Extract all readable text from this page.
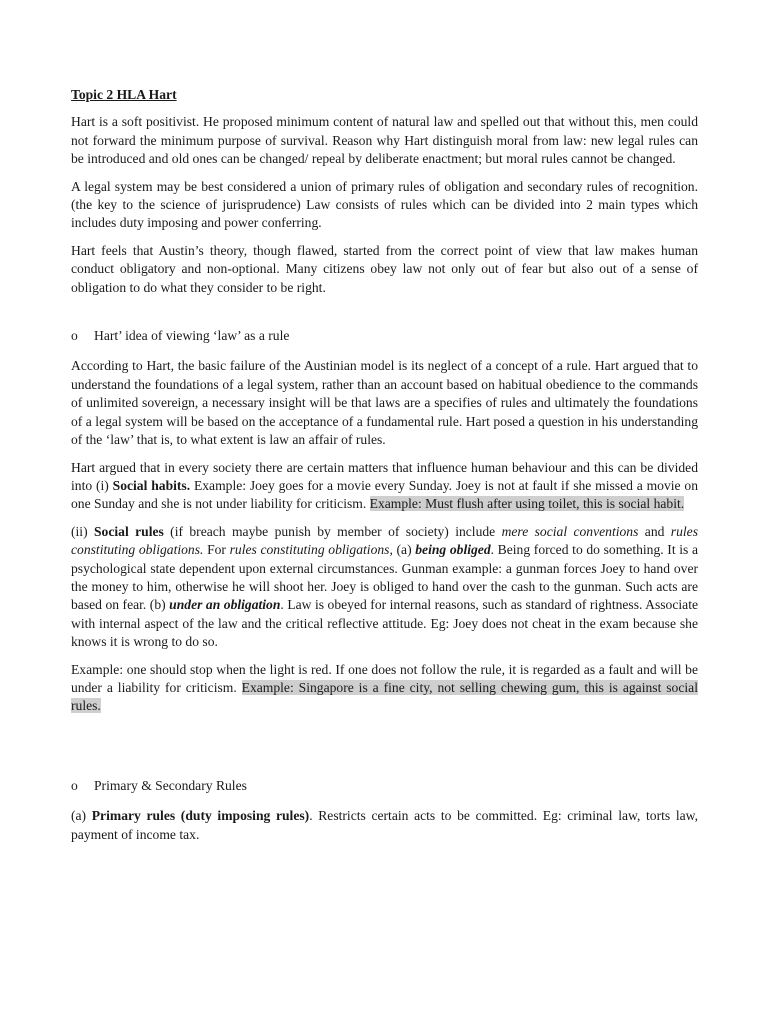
Topic 2 HLA Hart

Hart is a soft positivist. He proposed minimum content of natural law and spelled out that without this, men could not forward the minimum purpose of survival. Reason why Hart distinguish moral from law: new legal rules can be introduced and old ones can be changed/ repeal by deliberate enactment; but moral rules cannot be changed.

A legal system may be best considered a union of primary rules of obligation and secondary rules of recognition. (the key to the science of jurisprudence) Law consists of rules which can be divided into 2 main types which includes duty imposing and power conferring.

Hart feels that Austin’s theory, though flawed, started from the correct point of view that law makes human conduct obligatory and non-optional. Many citizens obey law not only out of fear but also out of a sense of obligation to do what they consider to be right.

o	Hart’ idea of viewing ‘law’ as a rule

According to Hart, the basic failure of the Austinian model is its neglect of a concept of a rule. Hart argued that to understand the foundations of a legal system, rather than an account based on habitual obedience to the commands of unlimited sovereign, a necessary insight will be that laws are a specifies of rules and ultimately the foundations of a legal system will be based on the acceptance of a fundamental rule. Hart posed a question in his understanding of the ‘law’ that is, to what extent is law an affair of rules.

Hart argued that in every society there are certain matters that influence human behaviour and this can be divided into (i) Social habits. Example: Joey goes for a movie every Sunday. Joey is not at fault if she missed a movie on one Sunday and she is not under liability for criticism. Example: Must flush after using toilet, this is social habit.

(ii) Social rules (if breach maybe punish by member of society) include mere social conventions and rules constituting obligations. For rules constituting obligations, (a) being obliged. Being forced to do something. It is a psychological state dependent upon external circumstances. Gunman example: a gunman forces Joey to hand over the money to him, otherwise he will shoot her. Joey is obliged to hand over the cash to the gunman. Such acts are based on fear. (b) under an obligation. Law is obeyed for internal reasons, such as standard of rightness. Associate with internal aspect of the law and the critical reflective attitude. Eg: Joey does not cheat in the exam because she knows it is wrong to do so.

Example: one should stop when the light is red. If one does not follow the rule, it is regarded as a fault and will be under a liability for criticism. Example: Singapore is a fine city, not selling chewing gum, this is against social rules.

o	Primary & Secondary Rules

(a) Primary rules (duty imposing rules). Restricts certain acts to be committed. Eg: criminal law, torts law, payment of income tax.
